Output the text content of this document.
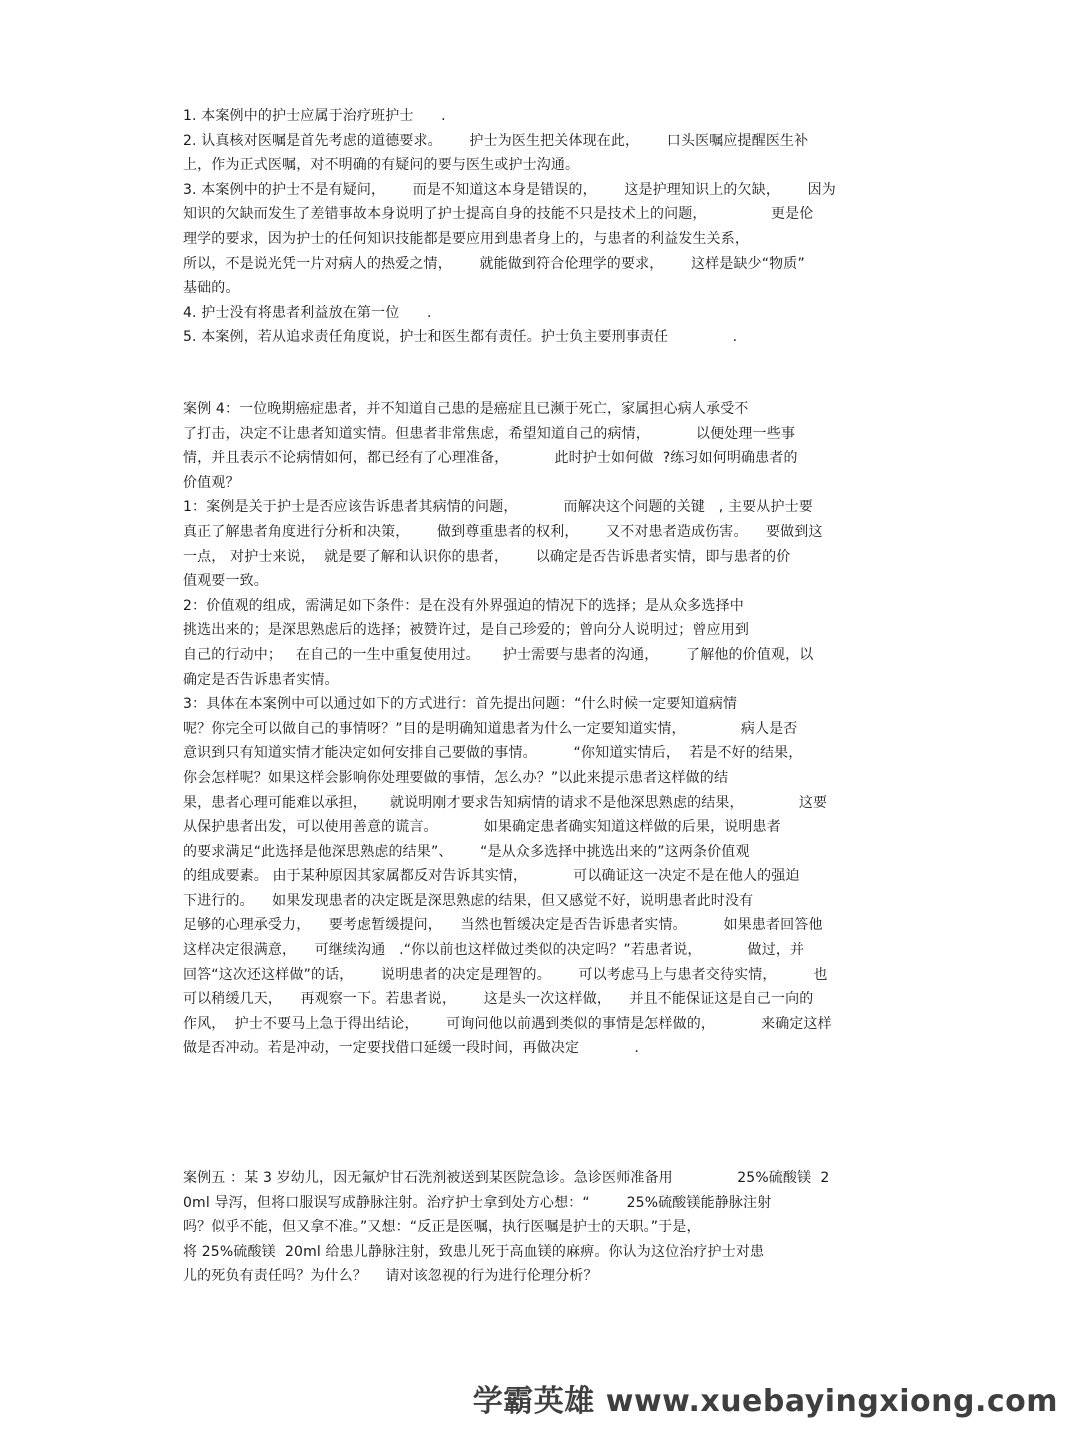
1. 本案例中的护士应属于治疗班护士      .
2. 认真核对医嘱是首先考虑的道德要求。      护士为医生把关体现在此，      口头医嘱应提醒医生补
上，作为正式医嘱，对不明确的有疑问的要与医生或护士沟通。
3. 本案例中的护士不是有疑问，      而是不知道这本身是错误的，      这是护理知识上的欠缺，      因为
知识的欠缺而发生了差错事故本身说明了护士提高自身的技能不只是技术上的问题，              更是伦
理学的要求，因为护士的任何知识技能都是要应用到患者身上的，与患者的利益发生关系，
所以，不是说光凭一片对病人的热爱之情，      就能做到符合伦理学的要求，      这样是缺少“物质”
基础的。
4. 护士没有将患者利益放在第一位      .
5. 本案例，若从追求责任角度说，护士和医生都有责任。护士负主要刑事责任              .
案例 4：一位晚期癌症患者，并不知道自己患的是癌症且已濒于死亡，家属担心病人承受不
了打击，决定不让患者知道实情。但患者非常焦虑，希望知道自己的病情，          以便处理一些事
情，并且表示不论病情如何，都已经有了心理准备，          此时护士如何做  ?练习如何明确患者的
价值观？
1：案例是关于护士是否应该告诉患者其病情的问题，          而解决这个问题的关键   , 主要从护士要
真正了解患者角度进行分析和决策，      做到尊重患者的权利，      又不对患者造成伤害。    要做到这
一点， 对护士来说，  就是要了解和认识你的患者，      以确定是否告诉患者实情，即与患者的价
值观要一致。
2：价值观的组成，需满足如下条件：是在没有外界强迫的情况下的选择；是从众多选择中
挑选出来的；是深思熟虑后的选择；被赞许过，是自己珍爱的；曾向分人说明过；曾应用到
自己的行动中；   在自己的一生中重复使用过。     护士需要与患者的沟通，      了解他的价值观，以
确定是否告诉患者实情。
3：具体在本案例中可以通过如下的方式进行：首先提出问题：“什么时候一定要知道病情
呢？你完全可以做自己的事情呀？”目的是明确知道患者为什么一定要知道实情，            病人是否
意识到只有知道实情才能决定如何安排自己要做的事情。        “你知道实情后，  若是不好的结果，
你会怎样呢？如果这样会影响你处理要做的事情，怎么办？”以此来提示患者这样做的结
果，患者心理可能难以承担，     就说明刚才要求告知病情的请求不是他深思熟虑的结果，            这要
从保护患者出发，可以使用善意的谎言。          如果确定患者确实知道这样做的后果，说明患者
的要求满足“此选择是他深思熟虑的结果”、      “是从众多选择中挑选出来的”这两条价值观
的组成要素。 由于某种原因其家属都反对告诉其实情，          可以确证这一决定不是在他人的强迫
下进行的。    如果发现患者的决定既是深思熟虑的结果，但又感觉不好，说明患者此时没有
足够的心理承受力，    要考虑暂缓提问，    当然也暂缓决定是否告诉患者实情。        如果患者回答他
这样决定很满意，    可继续沟通   .“你以前也这样做过类似的决定吗？”若患者说，          做过，并
回答“这次还这样做”的话，      说明患者的决定是理智的。      可以考虑马上与患者交待实情，        也
可以稍缓几天，    再观察一下。若患者说，      这是头一次这样做，    并且不能保证这是自己一向的
作风，  护士不要马上急于得出结论，      可询问他以前遇到类似的事情是怎样做的，          来确定这样
做是否冲动。若是冲动，一定要找借口延缓一段时间，再做决定            .
案例五 ：某 3 岁幼儿，因无氟炉甘石洗剂被送到某医院急诊。急诊医师准备用              25%硫酸镁  2
0ml 导泻，但将口服误写成静脉注射。治疗护士拿到处方心想：“        25%硫酸镁能静脉注射
吗？似乎不能，但又拿不准。”又想：“反正是医嘱，执行医嘱是护士的天职。”于是，
将 25%硫酸镁  20ml 给患儿静脉注射，致患儿死于高血镁的麻痹。你认为这位治疗护士对患
儿的死负有责任吗？为什么？    请对该忽视的行为进行伦理分析？
学霸英雄 www.xuebayingxiong.com
